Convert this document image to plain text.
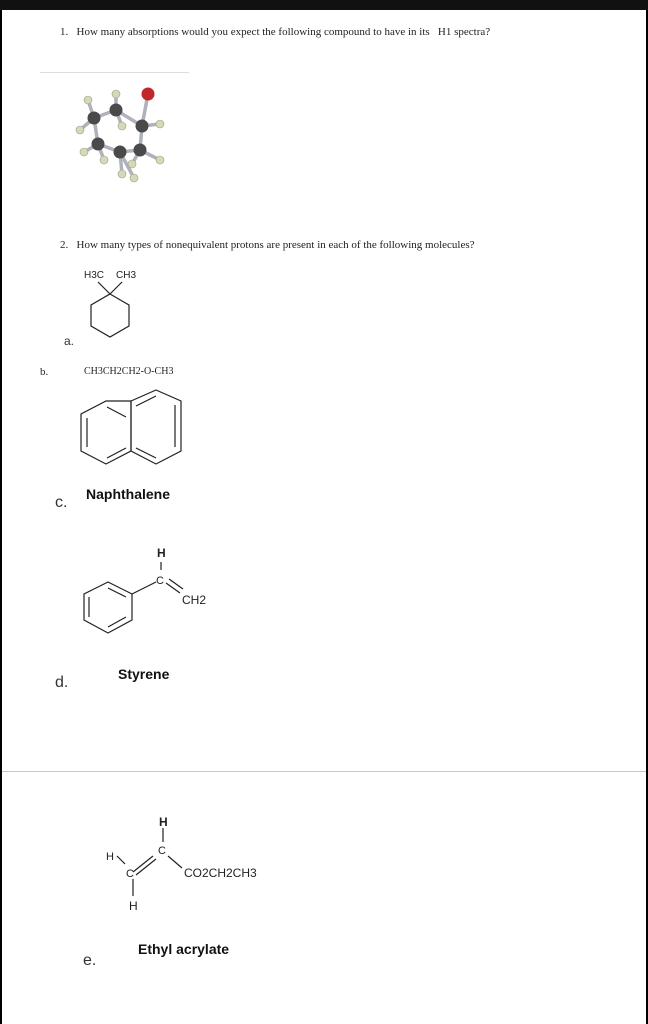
1. How many absorptions would you expect the following compound to have in its H1 spectra?
2. How many types of nonequivalent protons are present in each of the following molecules?
H3C CH3
a.
b.	CH3CH2CH2-O-CH3
Naphthalene
c.
H
C
CH2
Styrene
d.
H
C
H
C
H
CO2CH2CH3
Ethyl acrylate
e.
